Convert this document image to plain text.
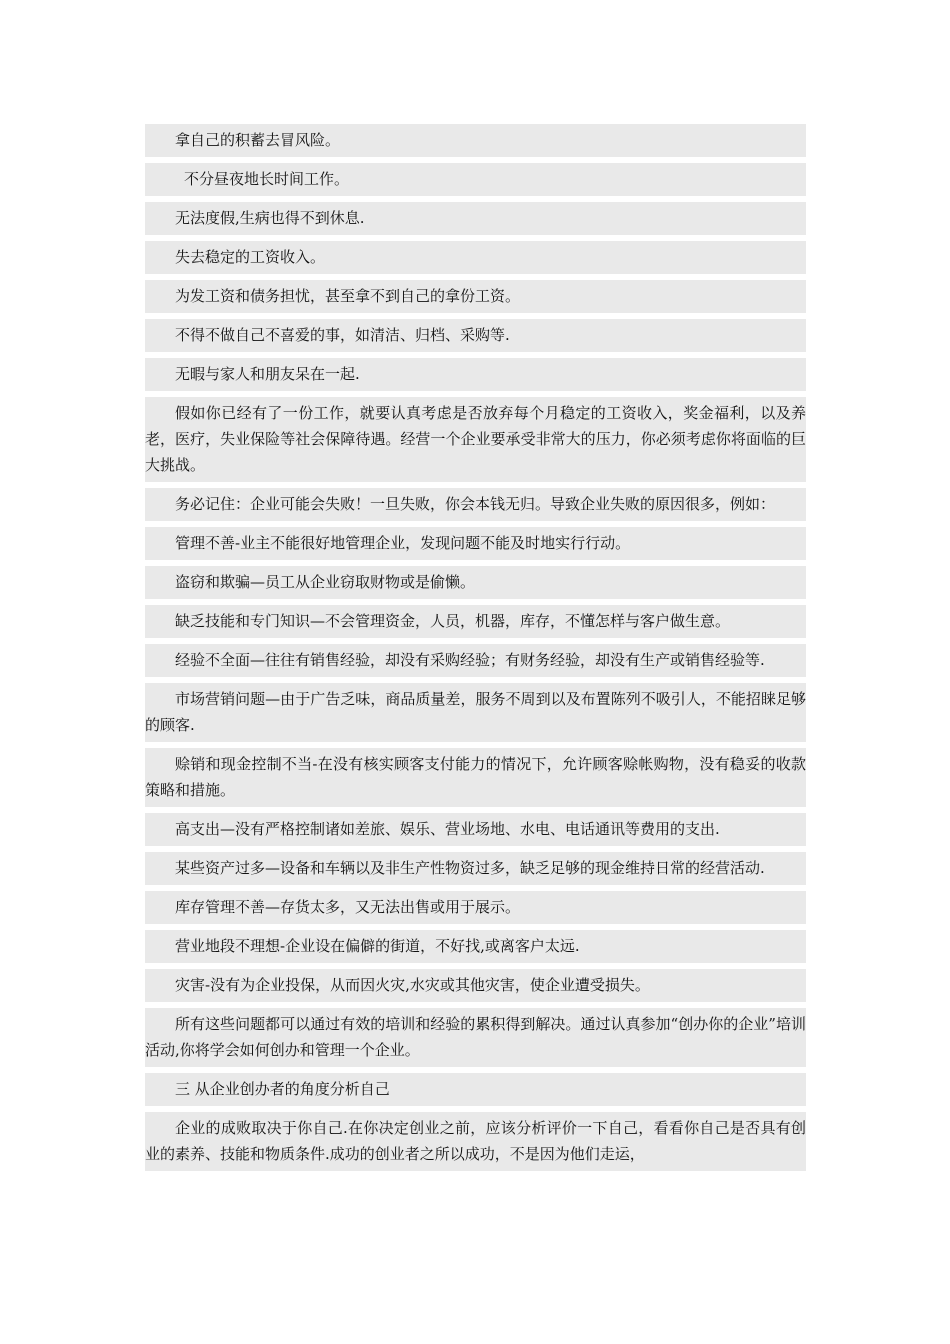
拿自己的积蓄去冒风险。

不分昼夜地长时间工作。

无法度假,生病也得不到休息.

失去稳定的工资收入。

为发工资和债务担忧，甚至拿不到自己的拿份工资。

不得不做自己不喜爱的事，如清洁、归档、采购等.

无暇与家人和朋友呆在一起.

假如你已经有了一份工作，就要认真考虑是否放弃每个月稳定的工资收入，奖金福利，以及养老，医疗，失业保险等社会保障待遇。经营一个企业要承受非常大的压力，你必须考虑你将面临的巨大挑战。

务必记住：企业可能会失败！一旦失败，你会本钱无归。导致企业失败的原因很多，例如：

管理不善-业主不能很好地管理企业，发现问题不能及时地实行行动。

盗窃和欺骗—员工从企业窃取财物或是偷懒。

缺乏技能和专门知识—不会管理资金，人员，机器，库存，不懂怎样与客户做生意。

经验不全面—往往有销售经验，却没有采购经验；有财务经验，却没有生产或销售经验等.

市场营销问题—由于广告乏味，商品质量差，服务不周到以及布置陈列不吸引人，不能招睐足够的顾客.

赊销和现金控制不当-在没有核实顾客支付能力的情况下，允许顾客赊帐购物，没有稳妥的收款策略和措施。

高支出—没有严格控制诸如差旅、娱乐、营业场地、水电、电话通讯等费用的支出.

某些资产过多—设备和车辆以及非生产性物资过多，缺乏足够的现金维持日常的经营活动.

库存管理不善—存货太多，又无法出售或用于展示。

营业地段不理想-企业设在偏僻的街道，不好找,或离客户太远.

灾害-没有为企业投保，从而因火灾,水灾或其他灾害，使企业遭受损失。

所有这些问题都可以通过有效的培训和经验的累积得到解决。通过认真参加“创办你的企业”培训活动,你将学会如何创办和管理一个企业。

三 从企业创办者的角度分析自己

企业的成败取决于你自己.在你决定创业之前，应该分析评价一下自己，看看你自己是否具有创业的素养、技能和物质条件.成功的创业者之所以成功，不是因为他们走运，
